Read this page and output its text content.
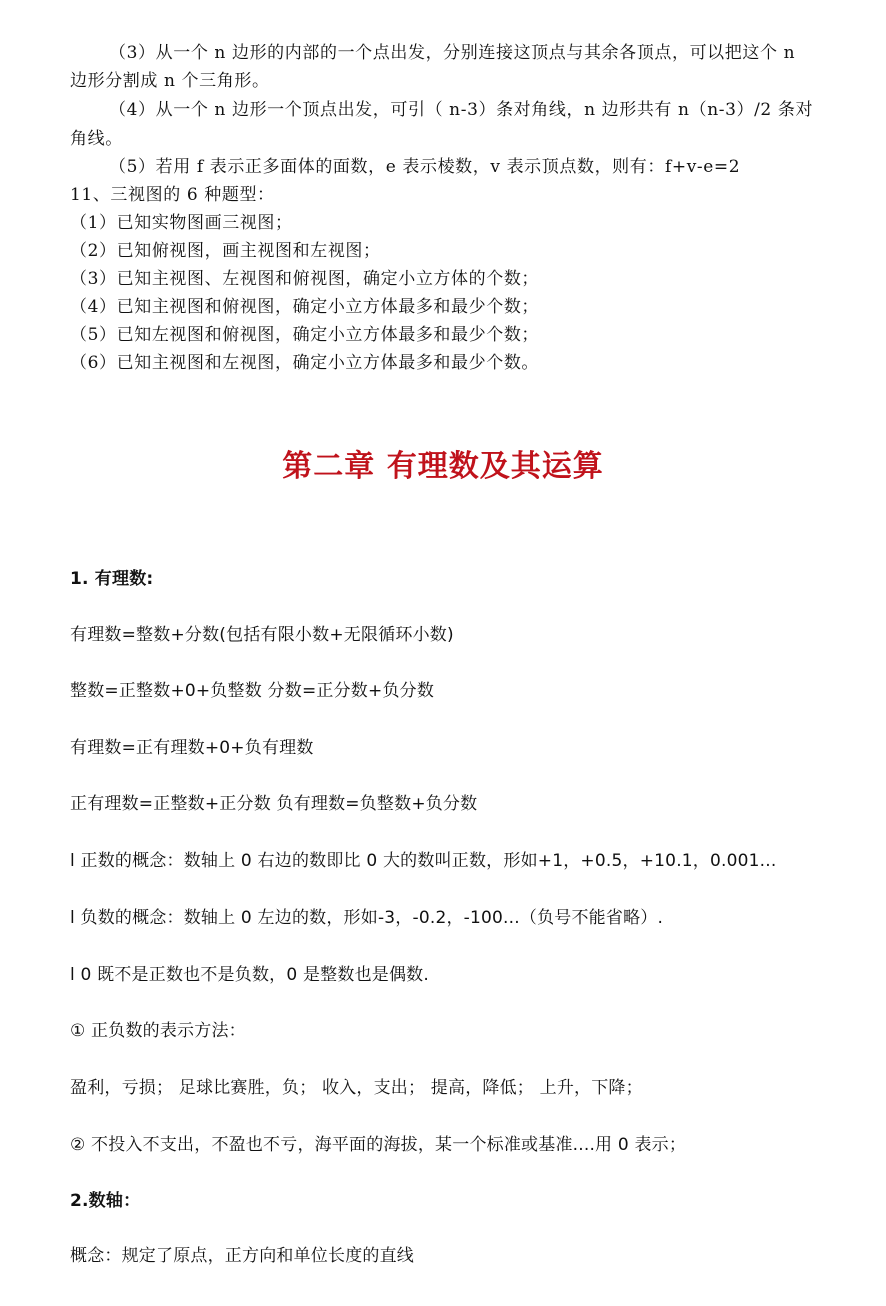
（3）从一个 n 边形的内部的一个点出发，分别连接这顶点与其余各顶点，可以把这个 n
边形分割成 n 个三角形。
（4）从一个 n 边形一个顶点出发，可引（ n-3）条对角线，n 边形共有 n（n-3）/2 条对
角线。
（5）若用 f 表示正多面体的面数，e 表示棱数，v 表示顶点数，则有：f+v-e=2
11、三视图的 6 种题型：
（1）已知实物图画三视图；
（2）已知俯视图，画主视图和左视图；
（3）已知主视图、左视图和俯视图，确定小立方体的个数；
（4）已知主视图和俯视图，确定小立方体最多和最少个数；
（5）已知左视图和俯视图，确定小立方体最多和最少个数；
（6）已知主视图和左视图，确定小立方体最多和最少个数。
第二章 有理数及其运算
1. 有理数:
有理数=整数+分数(包括有限小数+无限循环小数)
整数=正整数+0+负整数 分数=正分数+负分数
有理数=正有理数+0+负有理数
正有理数=正整数+正分数 负有理数=负整数+负分数
l 正数的概念：数轴上 0 右边的数即比 0 大的数叫正数，形如+1，+0.5，+10.1，0.001...
l 负数的概念：数轴上 0 左边的数，形如-3，-0.2，-100...（负号不能省略）.
l 0 既不是正数也不是负数，0 是整数也是偶数.
① 正负数的表示方法：
盈利，亏损； 足球比赛胜，负； 收入，支出； 提高，降低； 上升，下降；
② 不投入不支出，不盈也不亏，海平面的海拔，某一个标准或基准....用 0 表示；
2.数轴：
概念：规定了原点，正方向和单位长度的直线
